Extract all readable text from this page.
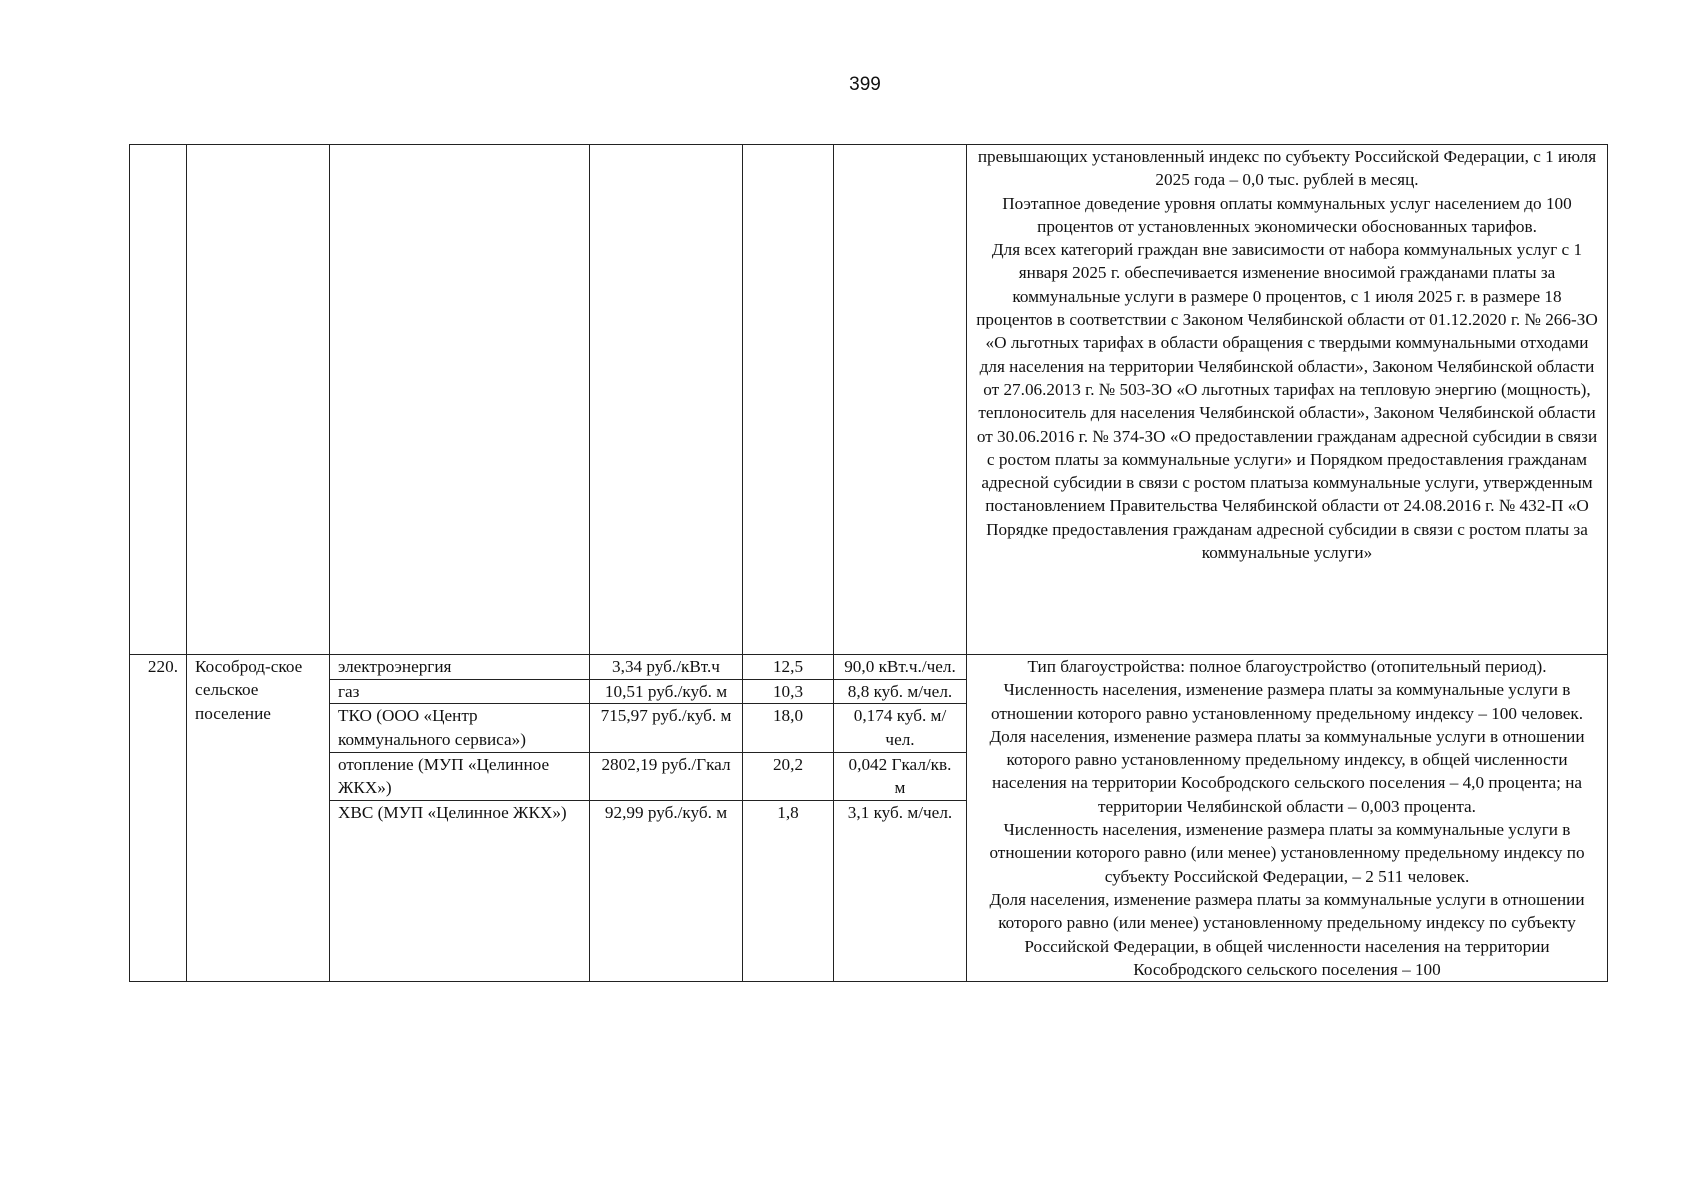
399

						превышающих установленный индекс по субъекту Российской Федерации, с 1 июля 2025 года – 0,0 тыс. рублей в месяц.
Поэтапное доведение уровня оплаты коммунальных услуг населением до 100 процентов от установленных экономически обоснованных тарифов.
Для всех категорий граждан вне зависимости от набора коммунальных услуг с 1 января 2025 г. обеспечивается изменение вносимой гражданами платы за коммунальные услуги в размере 0 процентов, с 1 июля 2025 г. в размере 18 процентов в соответствии с Законом Челябинской области от 01.12.2020 г. № 266-ЗО «О льготных тарифах в области обращения с твердыми коммунальными отходами для населения на территории Челябинской области», Законом Челябинской области от 27.06.2013 г. № 503-ЗО «О льготных тарифах на тепловую энергию (мощность), теплоноситель для населения Челябинской области», Законом Челябинской области от 30.06.2016 г. № 374-ЗО «О предоставлении гражданам адресной субсидии в связи с ростом платы за коммунальные услуги» и Порядком предоставления гражданам адресной субсидии в связи с ростом платыза коммунальные услуги, утвержденным постановлением Правительства Челябинской области от 24.08.2016 г. № 432-П «О Порядке предоставления гражданам адресной субсидии в связи с ростом платы за коммунальные услуги»

220.	Кособрод-ское сельское поселение	электроэнергия	3,34 руб./кВт.ч	12,5	90,0 кВт.ч./чел.	Тип благоустройства: полное благоустройство (отопительный период).
Численность населения, изменение размера платы за коммунальные услуги в отношении которого равно установленному предельному индексу – 100 человек.
Доля населения, изменение размера платы за коммунальные услуги в отношении которого равно установленному предельному индексу, в общей численности населения на территории Кособродского сельского поселения – 4,0 процента; на территории Челябинской области – 0,003 процента.
Численность населения, изменение размера платы за коммунальные услуги в отношении которого равно (или менее) установленному предельному индексу по субъекту Российской Федерации, – 2 511 человек.
Доля населения, изменение размера платы за коммунальные услуги в отношении которого равно (или менее) установленному предельному индексу по субъекту Российской Федерации, в общей численности населения на территории Кособродского сельского поселения – 100

		газ	10,51 руб./куб. м	10,3	8,8 куб. м/чел.	
		ТКО (ООО «Центр коммунального сервиса»)	715,97 руб./куб. м	18,0	0,174 куб. м/чел.	
		отопление (МУП «Целинное ЖКХ»)	2802,19 руб./Гкал	20,2	0,042 Гкал/кв. м	
		ХВС (МУП «Целинное ЖКХ»)	92,99 руб./куб. м	1,8	3,1 куб. м/чел.	
